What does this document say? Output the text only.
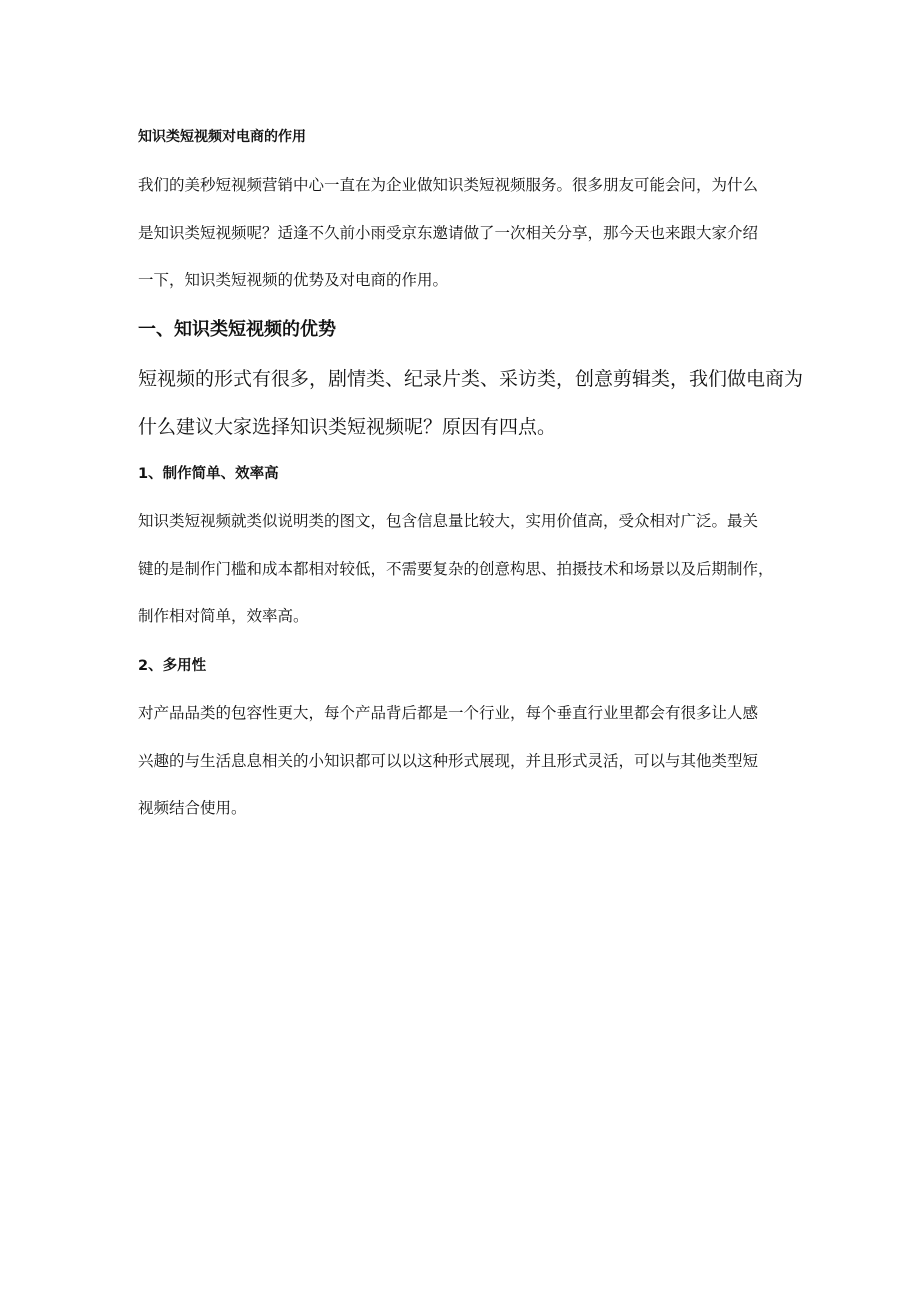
知识类短视频对电商的作用
我们的美秒短视频营销中心一直在为企业做知识类短视频服务。很多朋友可能会问，为什么
是知识类短视频呢？适逢不久前小雨受京东邀请做了一次相关分享，那今天也来跟大家介绍
一下，知识类短视频的优势及对电商的作用。
一、知识类短视频的优势
短视频的形式有很多，剧情类、纪录片类、采访类，创意剪辑类，我们做电商为
什么建议大家选择知识类短视频呢？原因有四点。
1、制作简单、效率高
知识类短视频就类似说明类的图文，包含信息量比较大，实用价值高，受众相对广泛。最关
键的是制作门槛和成本都相对较低，不需要复杂的创意构思、拍摄技术和场景以及后期制作，
制作相对简单，效率高。
2、多用性
对产品品类的包容性更大，每个产品背后都是一个行业，每个垂直行业里都会有很多让人感
兴趣的与生活息息相关的小知识都可以以这种形式展现，并且形式灵活，可以与其他类型短
视频结合使用。
